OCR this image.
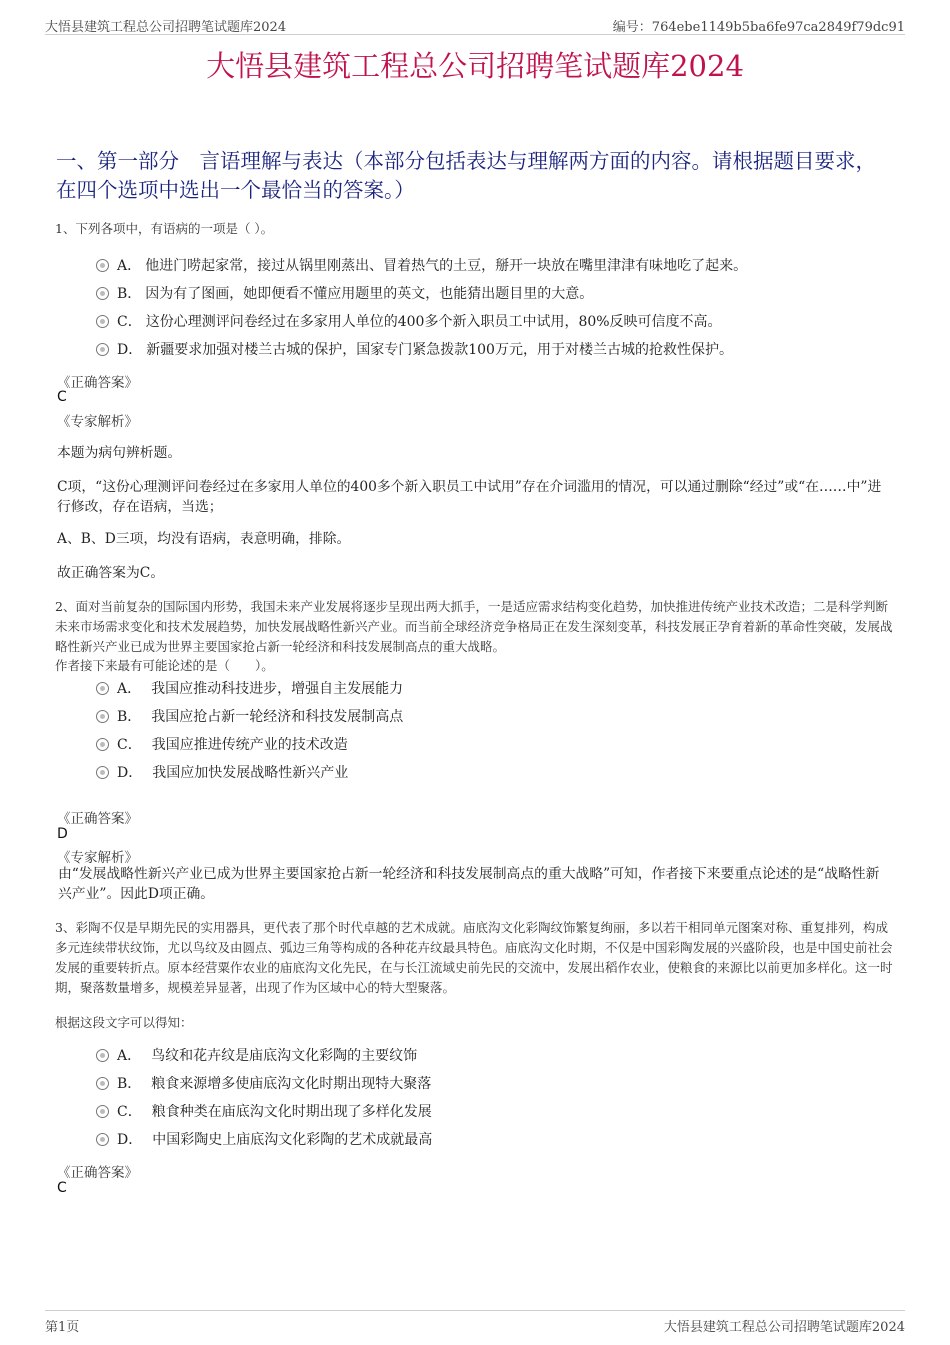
大悟县建筑工程总公司招聘笔试题库2024	编号：764ebe1149b5ba6fe97ca2849f79dc91
大悟县建筑工程总公司招聘笔试题库2024
一、第一部分　言语理解与表达（本部分包括表达与理解两方面的内容。请根据题目要求，在四个选项中选出一个最恰当的答案。）
1、下列各项中，有语病的一项是（ ）。
A． 他进门唠起家常，接过从锅里刚蒸出、冒着热气的土豆，掰开一块放在嘴里津津有味地吃了起来。
B． 因为有了图画，她即便看不懂应用题里的英文，也能猜出题目里的大意。
C． 这份心理测评问卷经过在多家用人单位的400多个新入职员工中试用，80%反映可信度不高。
D． 新疆要求加强对楼兰古城的保护，国家专门紧急拨款100万元，用于对楼兰古城的抢救性保护。
《正确答案》
C
《专家解析》
本题为病句辨析题。
C项，“这份心理测评问卷经过在多家用人单位的400多个新入职员工中试用”存在介词滥用的情况，可以通过删除“经过”或“在……中”进行修改，存在语病，当选；
A、B、D三项，均没有语病，表意明确，排除。
故正确答案为C。
2、面对当前复杂的国际国内形势，我国未来产业发展将逐步呈现出两大抓手，一是适应需求结构变化趋势，加快推进传统产业技术改造；二是科学判断未来市场需求变化和技术发展趋势，加快发展战略性新兴产业。而当前全球经济竞争格局正在发生深刻变革，科技发展正孕育着新的革命性突破，发展战略性新兴产业已成为世界主要国家抢占新一轮经济和科技发展制高点的重大战略。
作者接下来最有可能论述的是（　　）。
A． 我国应推动科技进步，增强自主发展能力
B． 我国应抢占新一轮经济和科技发展制高点
C． 我国应推进传统产业的技术改造
D． 我国应加快发展战略性新兴产业
《正确答案》
D
《专家解析》
由“发展战略性新兴产业已成为世界主要国家抢占新一轮经济和科技发展制高点的重大战略”可知，作者接下来要重点论述的是“战略性新兴产业”。因此D项正确。
3、彩陶不仅是早期先民的实用器具，更代表了那个时代卓越的艺术成就。庙底沟文化彩陶纹饰繁复绚丽，多以若干相同单元图案对称、重复排列，构成多元连续带状纹饰，尤以鸟纹及由圆点、弧边三角等构成的各种花卉纹最具特色。庙底沟文化时期，不仅是中国彩陶发展的兴盛阶段，也是中国史前社会发展的重要转折点。原本经营粟作农业的庙底沟文化先民，在与长江流域史前先民的交流中，发展出稻作农业，使粮食的来源比以前更加多样化。这一时期，聚落数量增多，规模差异显著，出现了作为区域中心的特大型聚落。
根据这段文字可以得知：
A． 鸟纹和花卉纹是庙底沟文化彩陶的主要纹饰
B． 粮食来源增多使庙底沟文化时期出现特大聚落
C． 粮食种类在庙底沟文化时期出现了多样化发展
D． 中国彩陶史上庙底沟文化彩陶的艺术成就最高
《正确答案》
C
第1页	大悟县建筑工程总公司招聘笔试题库2024
